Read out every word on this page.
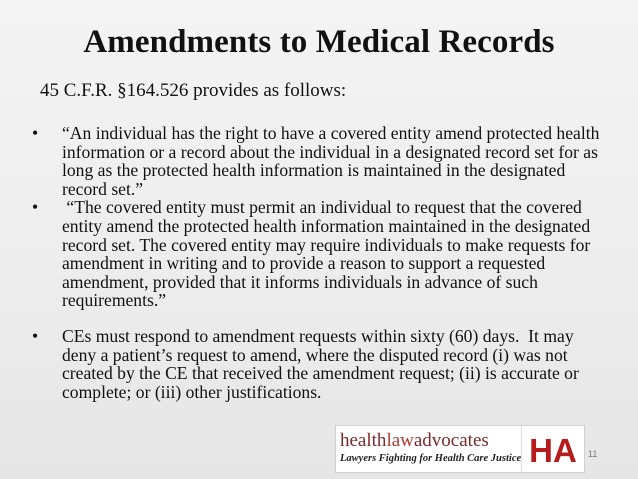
Amendments to Medical Records
45 C.F.R. §164.526 provides as follows:
• “An individual has the right to have a covered entity amend protected health information or a record about the individual in a designated record set for as long as the protected health information is maintained in the designated record set.”
• “The covered entity must permit an individual to request that the covered entity amend the protected health information maintained in the designated record set. The covered entity may require individuals to make requests for amendment in writing and to provide a reason to support a requested amendment, provided that it informs individuals in advance of such requirements.”
• CEs must respond to amendment requests within sixty (60) days.  It may deny a patient’s request to amend, where the disputed record (i) was not created by the CE that received the amendment request; (ii) is accurate or complete; or (iii) other justifications.
healthlawadvocates
Lawyers Fighting for Health Care Justice HA 11
